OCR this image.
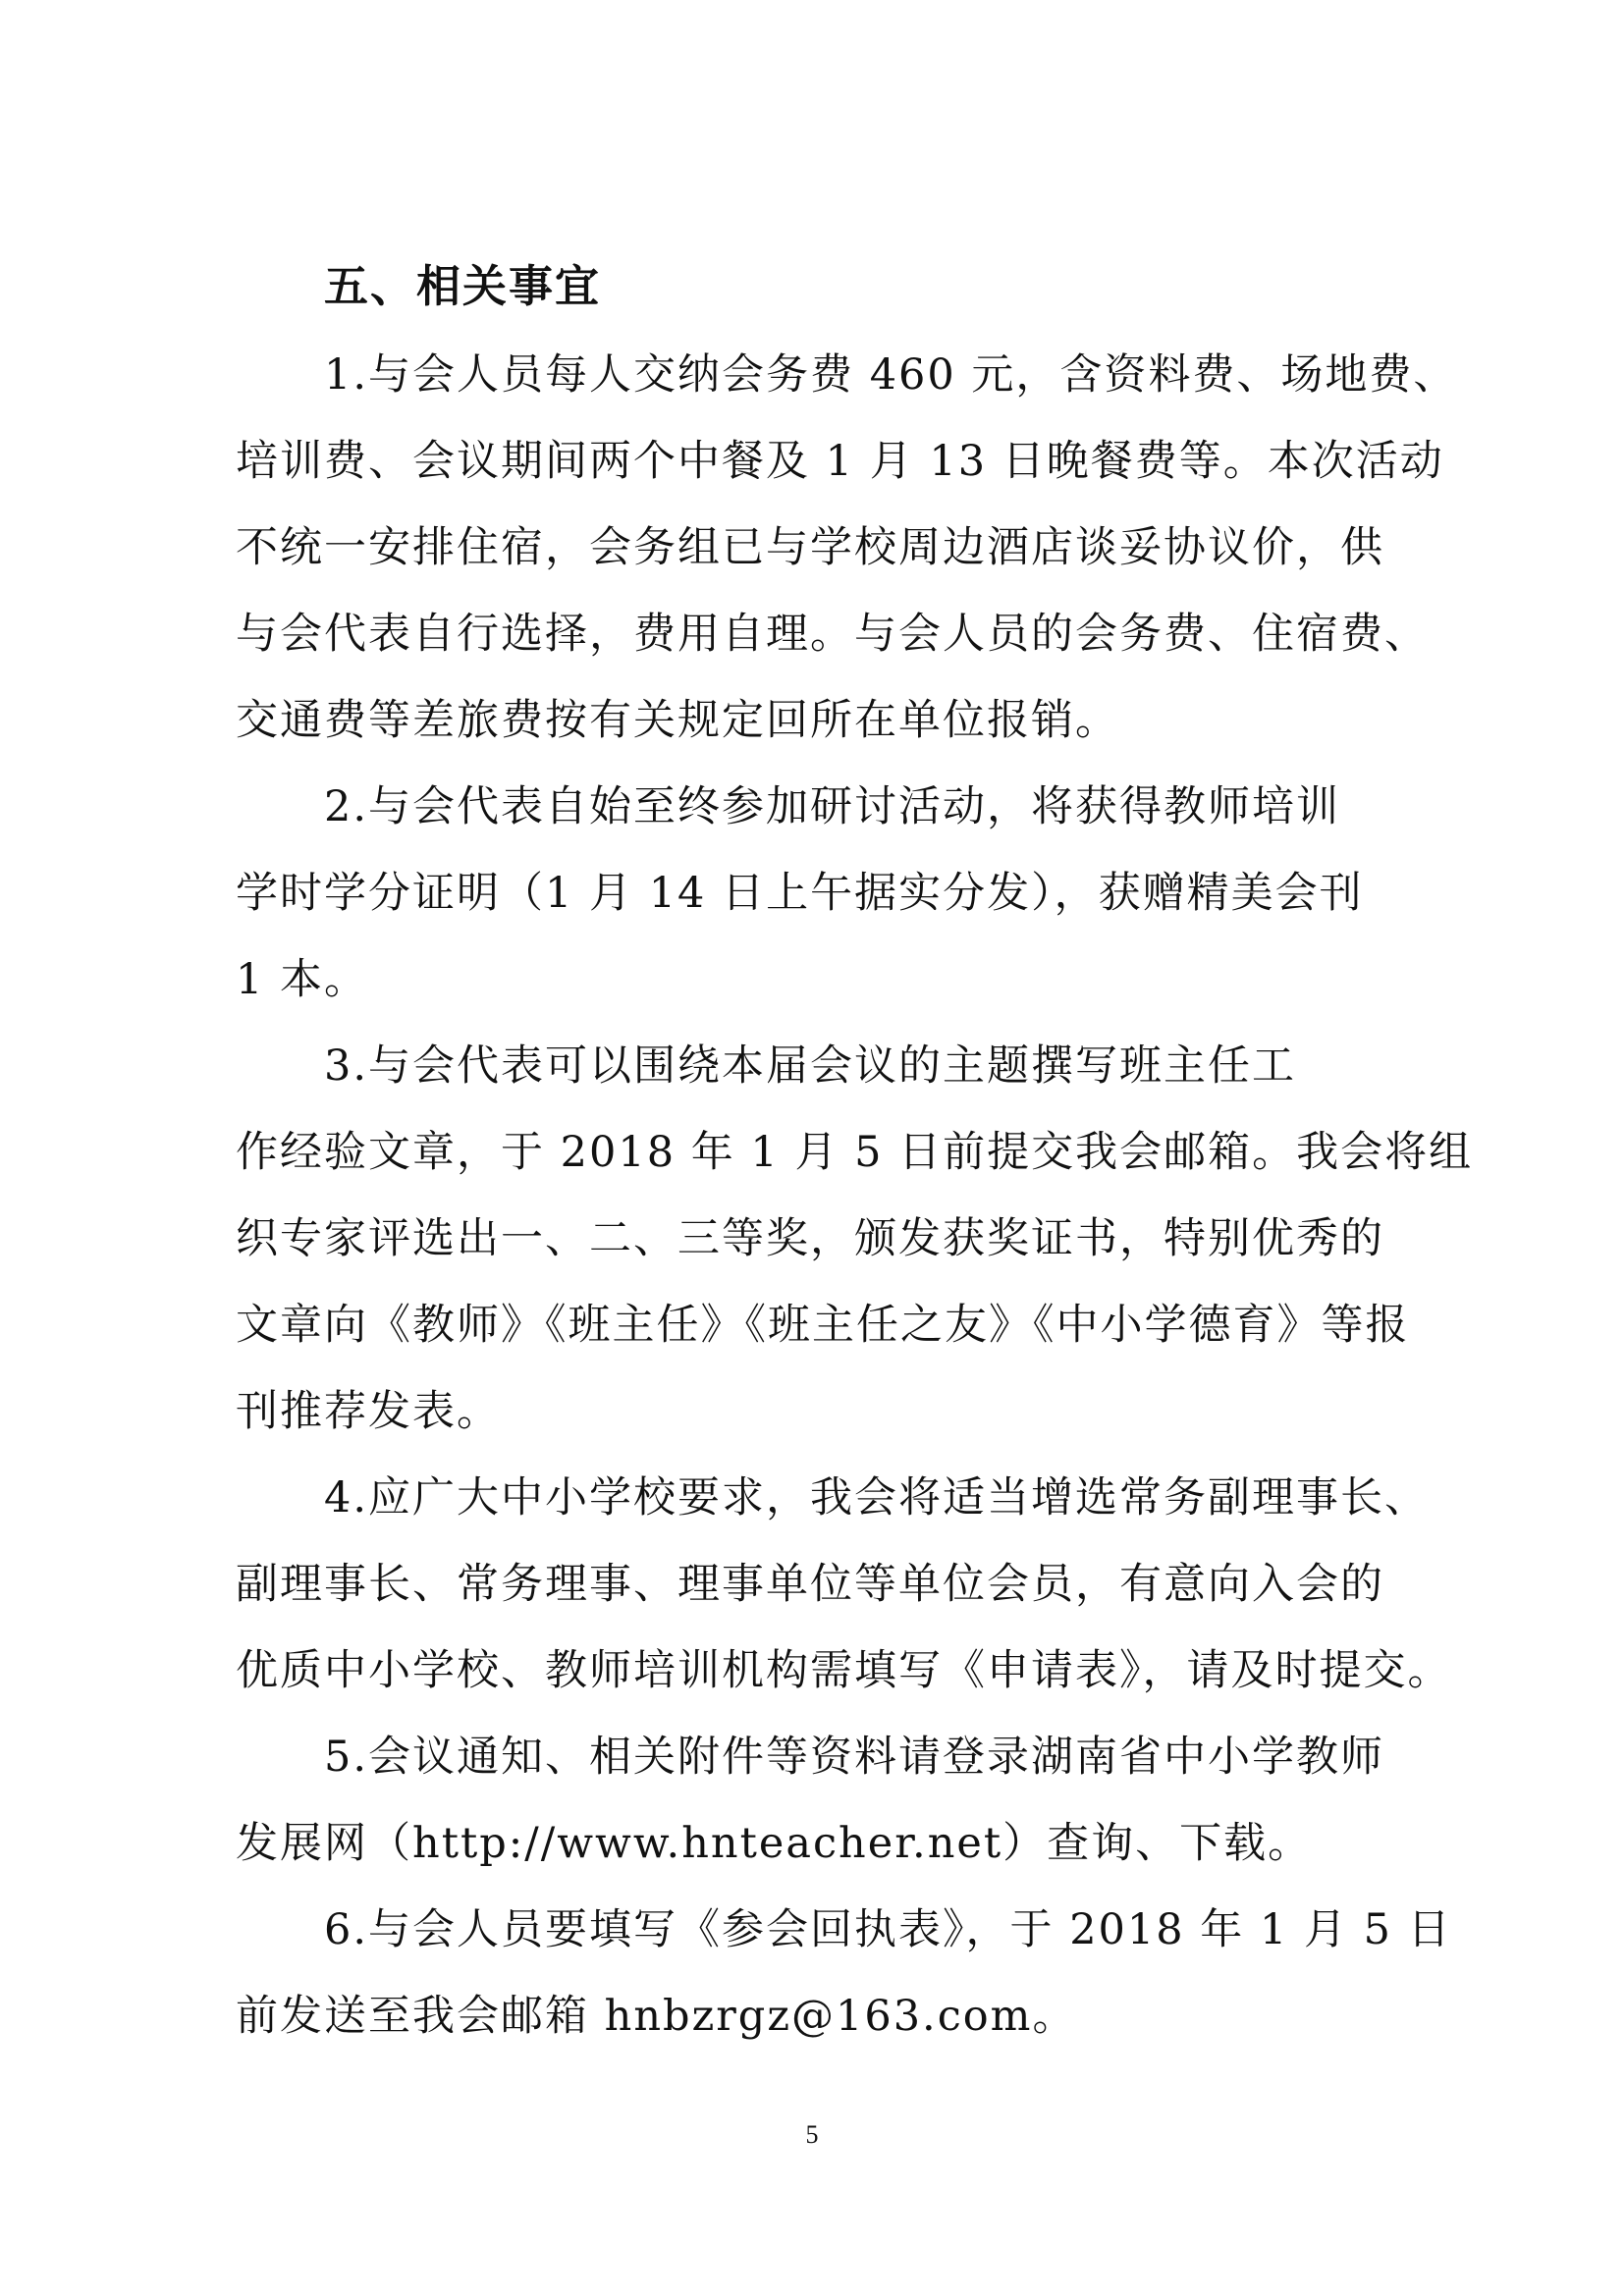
五、相关事宜
1.与会人员每人交纳会务费 460 元，含资料费、场地费、
培训费、会议期间两个中餐及 1 月 13 日晚餐费等。本次活动
不统一安排住宿，会务组已与学校周边酒店谈妥协议价，供
与会代表自行选择，费用自理。与会人员的会务费、住宿费、
交通费等差旅费按有关规定回所在单位报销。
2.与会代表自始至终参加研讨活动，将获得教师培训
学时学分证明（1 月 14 日上午据实分发），获赠精美会刊
1 本。
3.与会代表可以围绕本届会议的主题撰写班主任工
作经验文章，于 2018 年 1 月 5 日前提交我会邮箱。我会将组
织专家评选出一、二、三等奖，颁发获奖证书，特别优秀的
文章向《教师》《班主任》《班主任之友》《中小学德育》等报
刊推荐发表。
4.应广大中小学校要求，我会将适当增选常务副理事长、
副理事长、常务理事、理事单位等单位会员，有意向入会的
优质中小学校、教师培训机构需填写《申请表》，请及时提交。
5.会议通知、相关附件等资料请登录湖南省中小学教师
发展网（http://www.hnteacher.net）查询、下载。
6.与会人员要填写《参会回执表》，于 2018 年 1 月 5 日
前发送至我会邮箱 hnbzrgz@163.com。
5
